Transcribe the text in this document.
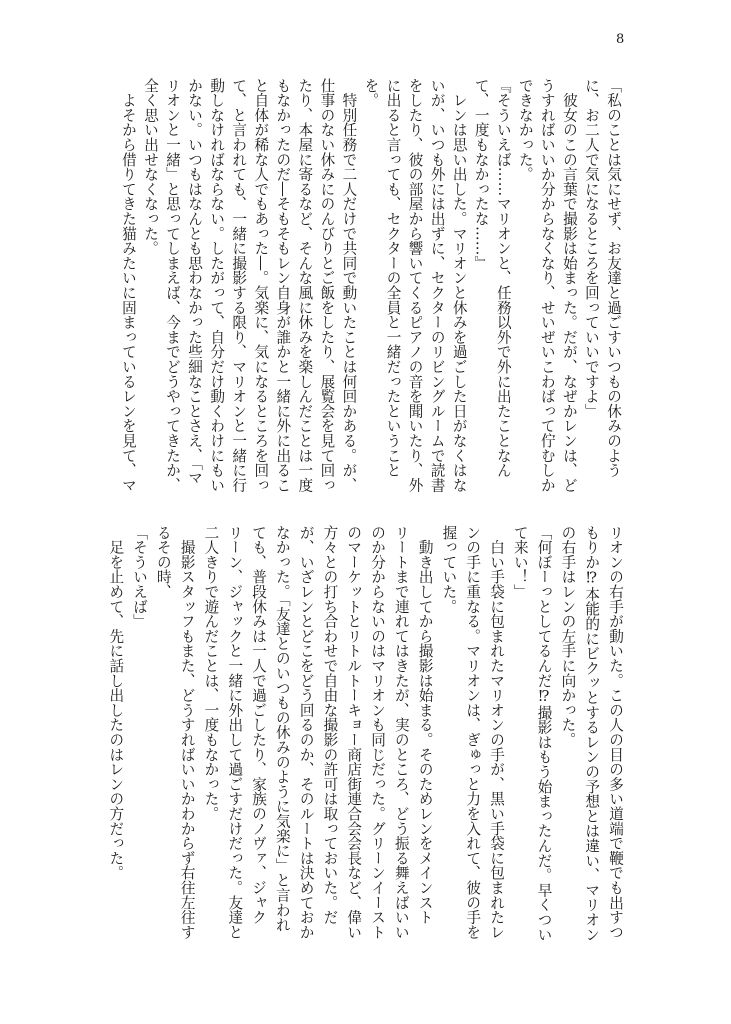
8
「私のことは気にせず、お友達と過ごすいつもの休みのよう
に、お二人で気になるところを回っていいですよ」
　彼女のこの言葉で撮影は始まった。だが、なぜかレンは、ど
うすればいいか分からなくなり、せいぜいこわばって佇むしか
できなかった。
『そういえば……マリオンと、任務以外で外に出たことなん
て、一度もなかったな……』
　レンは思い出した。マリオンと休みを過ごした日がなくはな
いが、いつも外には出ずに、セクターのリビングルームで読書
をしたり、彼の部屋から響いてくるピアノの音を聞いたり、外
に出ると言っても、セクターの全員と一緒だったということ
を。
　特別任務で二人だけで共同で動いたことは何回かある。が、
仕事のない休みにのんびりとご飯をしたり、展覧会を見て回っ
たり、本屋に寄るなど、そんな風に休みを楽しんだことは一度
もなかったのだ―そもそもレン自身が誰かと一緒に外に出るこ
と自体が稀な人でもあった―。気楽に、気になるところを回っ
て、と言われても、一緒に撮影する限り、マリオンと一緒に行
動しなければならない。したがって、自分だけ動くわけにもい
かない。いつもはなんとも思わなかった些細なことさえ、「マ
リオンと一緒」と思ってしまえば、今までどうやってきたか、
全く思い出せなくなった。
　よそから借りてきた猫みたいに固まっているレンを見て、マ
リオンの右手が動いた。この人の目の多い道端で鞭でも出すつ
もりか⁉本能的にビクッとするレンの予想とは違い、マリオン
の右手はレンの左手に向かった。
「何ぼーっとしてるんだ⁉撮影はもう始まったんだ。早くつい
て来い！」
　白い手袋に包まれたマリオンの手が、黒い手袋に包まれたレ
ンの手に重なる。マリオンは、ぎゅっと力を入れて、彼の手を
握っていた。
　動き出してから撮影は始まる。そのためレンをメインスト
リートまで連れてはきたが、実のところ、どう振る舞えばいい
のか分からないのはマリオンも同じだった。グリーンイースト
のマーケットとリトルトーキョー商店街連合会会長など、偉い
方々との打ち合わせで自由な撮影の許可は取っておいた。だ
が、いざレンとどこをどう回るのか、そのルートは決めておか
なかった。「友達とのいつもの休みのように気楽に」と言われ
ても、普段休みは一人で過ごしたり、家族のノヴァ、ジャク
リーン、ジャックと一緒に外出して過ごすだけだった。友達と
二人きりで遊んだことは、一度もなかった。
　撮影スタッフもまた、どうすればいいかわからず右往左往す
るその時、
「そういえば」
　足を止めて、先に話し出したのはレンの方だった。
